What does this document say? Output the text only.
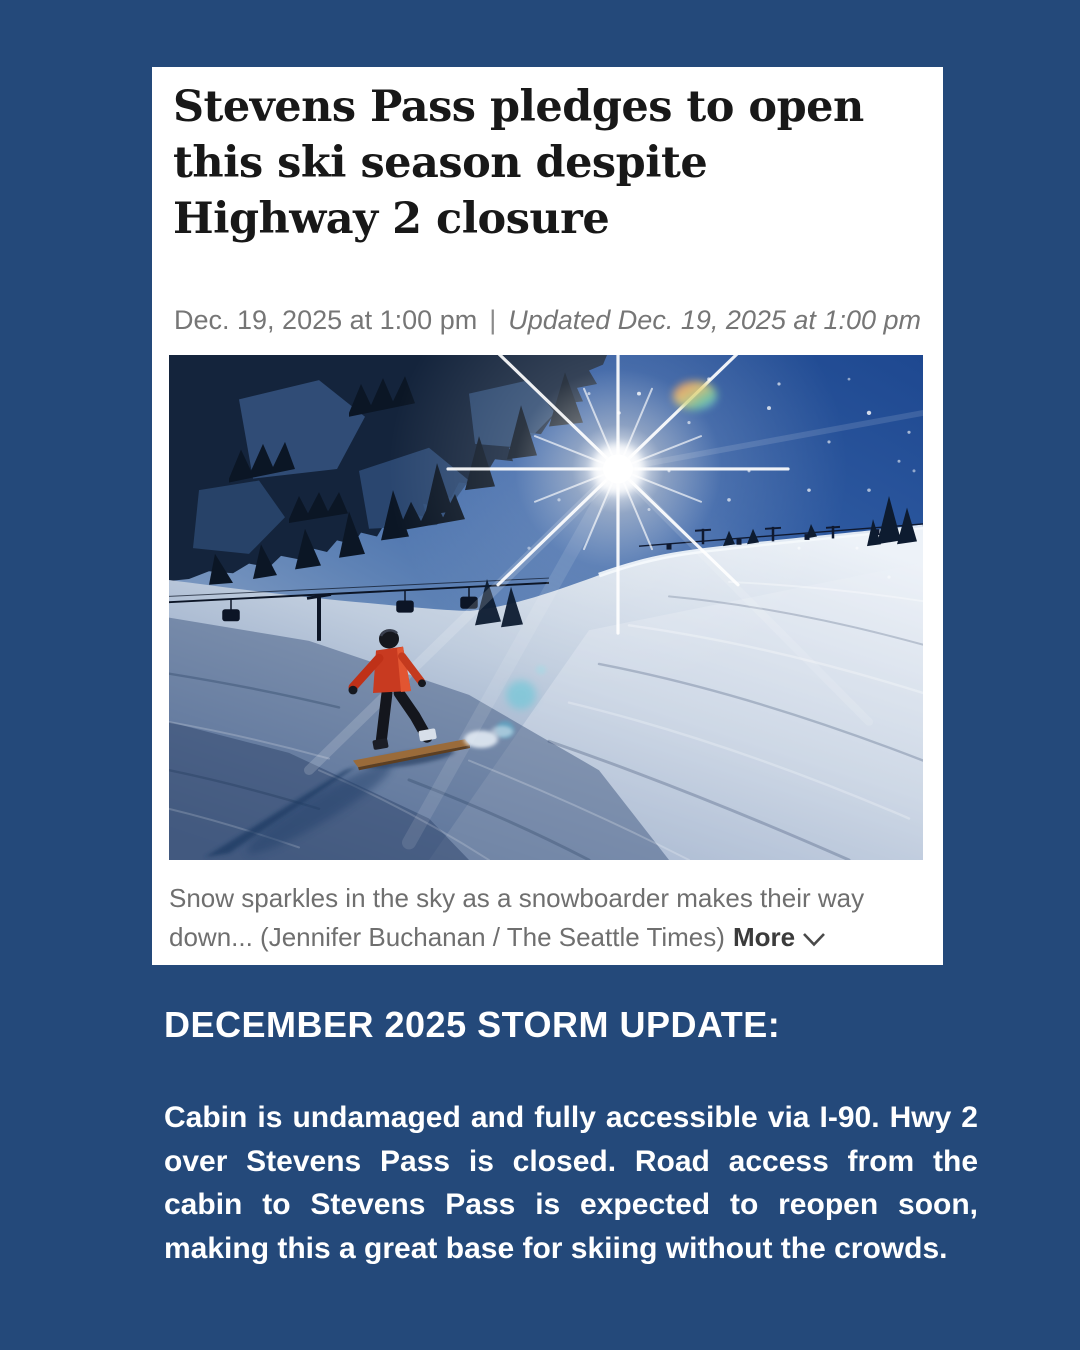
Stevens Pass pledges to open
this ski season despite
Highway 2 closure
Dec. 19, 2025 at 1:00 pm | Updated Dec. 19, 2025 at 1:00 pm
Snow sparkles in the sky as a snowboarder makes their way
down... (Jennifer Buchanan / The Seattle Times) More
DECEMBER 2025 STORM UPDATE:

Cabin is undamaged and fully accessible via I-90. Hwy 2 over Stevens Pass is closed. Road access from the cabin to Stevens Pass is expected to reopen soon, making this a great base for skiing without the crowds.
